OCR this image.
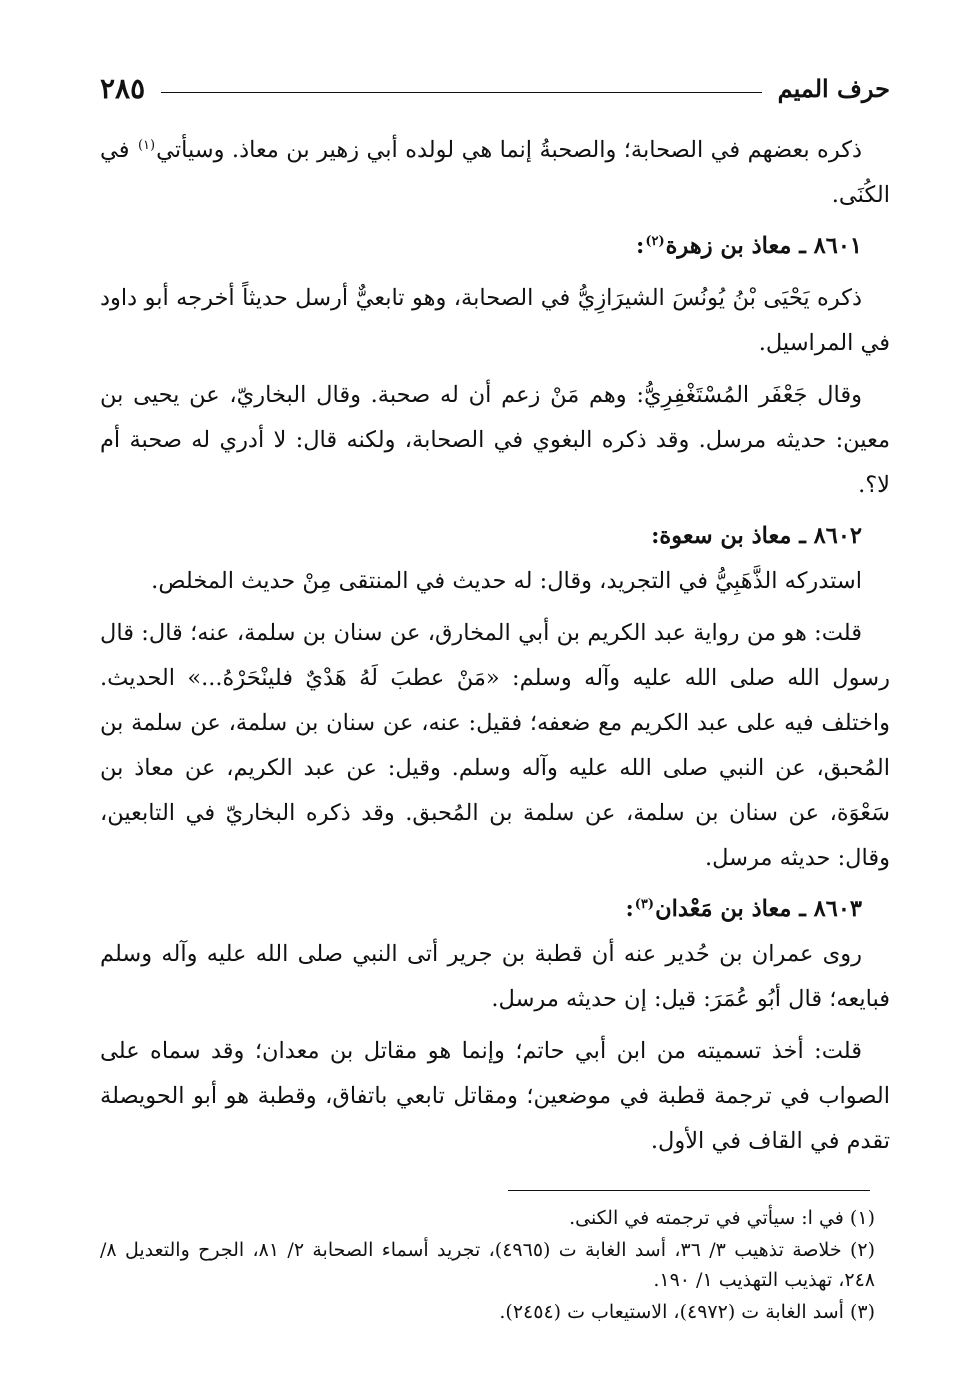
حرف الميم
٢٨٥

ذكره بعضهم في الصحابة؛ والصحبةُ إنما هي لولده أبي زهير بن معاذ. وسيأتي$^{(١)}$ في الكُنَى.

٨٦٠١ ـ معاذ بن زهرة$^{(٢)}$:

ذكره يَحْيَى بْنُ يُونُسَ الشيرَازِيُّ في الصحابة، وهو تابعيٌّ أرسل حديثاً أخرجه أبو داود في المراسيل.

وقال جَعْفَر المُسْتَغْفِرِيُّ: وهم مَنْ زعم أن له صحبة. وقال البخاريّ، عن يحيى بن معين: حديثه مرسل. وقد ذكره البغوي في الصحابة، ولكنه قال: لا أدري له صحبة أم لا؟.

٨٦٠٢ ـ معاذ بن سعوة:

استدركه الذَّهَبِيُّ في التجريد، وقال: له حديث في المنتقى مِنْ حديث المخلص.

قلت: هو من رواية عبد الكريم بن أبي المخارق، عن سنان بن سلمة، عنه؛ قال: قال رسول الله صلى الله عليه وآله وسلم: «مَنْ عطبَ لَهُ هَدْيٌ فلينْحَرْهُ...» الحديث. واختلف فيه على عبد الكريم مع ضعفه؛ فقيل: عنه، عن سنان بن سلمة، عن سلمة بن المُحبق، عن النبي صلى الله عليه وآله وسلم. وقيل: عن عبد الكريم، عن معاذ بن سَعْوَة، عن سنان بن سلمة، عن سلمة بن المُحبق. وقد ذكره البخاريّ في التابعين، وقال: حديثه مرسل.

٨٦٠٣ ـ معاذ بن مَعْدان$^{(٣)}$:

روى عمران بن حُدير عنه أن قطبة بن جرير أتى النبي صلى الله عليه وآله وسلم فبايعه؛ قال أبُو عُمَرَ: قيل: إن حديثه مرسل.

قلت: أخذ تسميته من ابن أبي حاتم؛ وإنما هو مقاتل بن معدان؛ وقد سماه على الصواب في ترجمة قطبة في موضعين؛ ومقاتل تابعي باتفاق، وقطبة هو أبو الحويصلة تقدم في القاف في الأول.

(١) في ا: سيأتي في ترجمته في الكنى.

(٢) خلاصة تذهيب ٣/ ٣٦، أسد الغابة ت (٤٩٦٥)، تجريد أسماء الصحابة ٢/ ٨١، الجرح والتعديل ٨/ ٢٤٨، تهذيب التهذيب ١/ ١٩٠.

(٣) أسد الغابة ت (٤٩٧٢)، الاستيعاب ت (٢٤٥٤).
